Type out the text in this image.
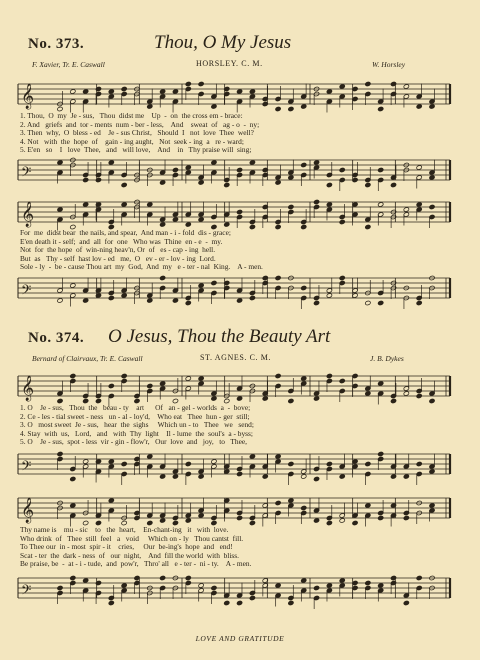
No. 373.	Thou, O My Jesus
F. Xavier, Tr. E. Caswall	HORSLEY. C. M.	W. Horsley
𝄞
1. Thou,  O  my  Je - sus,   Thou  didst me    Up  -  on  the cross em - brace:
2. And   griefs  and  tor - ments  num - ber - less,    And    sweat  of   ag - o  -  ny;
3. Then  why,  O  bless - ed    Je - sus Christ,   Should  I   not  love  Thee  well?
4. Not   with  the  hope  of    gain - ing aught,   Not  seek - ing  a   re - ward;
5. E'en   so    I   love  Thee,   and   will love,    And    in   Thy praise will  sing;
𝄢
𝄞
For  me  didst bear  the nails, and spear,  And man - i - fold  dis - grace;
E'en death it - self;  and  all  for  one   Who was  Thine  en - e  -  my.
Not  for  the hope  of  win-ning heav'n, Or  of   es - cap - ing  hell.
But  as   Thy - self  hast lov - ed   me,  O   ev - er - lov - ing  Lord.
Sole - ly  -  be - cause Thou art  my  God,  And  my   e - ter - nal  King.    A - men.
𝄢
No. 374. O Jesus, Thou the Beauty Art
Bernard of Clairvaux, Tr. E. Caswall	ST. AGNES. C. M.	J. B. Dykes
𝄞
1. O    Je - sus,   Thou  the   beau - ty    art      Of   an - gel - worlds  a  -  bove;
2. Ce - les - tial sweet - ness   un - al - loy'd,    Who eat   Thee  hun - ger  still;
3. O   most sweet  Je - sus,   hear  the  sighs     Which un - to   Thee   we   send;
4. Stay  with  us,   Lord,   and   with  Thy  light    Il - lume  the  soul's  a - byss;
5. O    Je - sus,  spot - less  vir - gin - flow'r,   Our  love  and   joy,   to   Thee,
𝄢
𝄞
Thy name is    mu - sic    to   the  heart,    En-chant-ing   it   with  love.
Who drink  of   Thee  still  feel   a   void     Which on - ly   Thou cantst  fill.
To Thee our  in - most  spir - it    cries,     Our  be-ing's  hope  and   end!
Scat - ter  the  dark - ness  of   our  night,    And  fill the world  with  bliss.
Be praise, be  -  at - i - tude,  and  pow'r,   Thro' all   e - ter -  ni - ty.    A - men.
𝄢
LOVE AND GRATITUDE
